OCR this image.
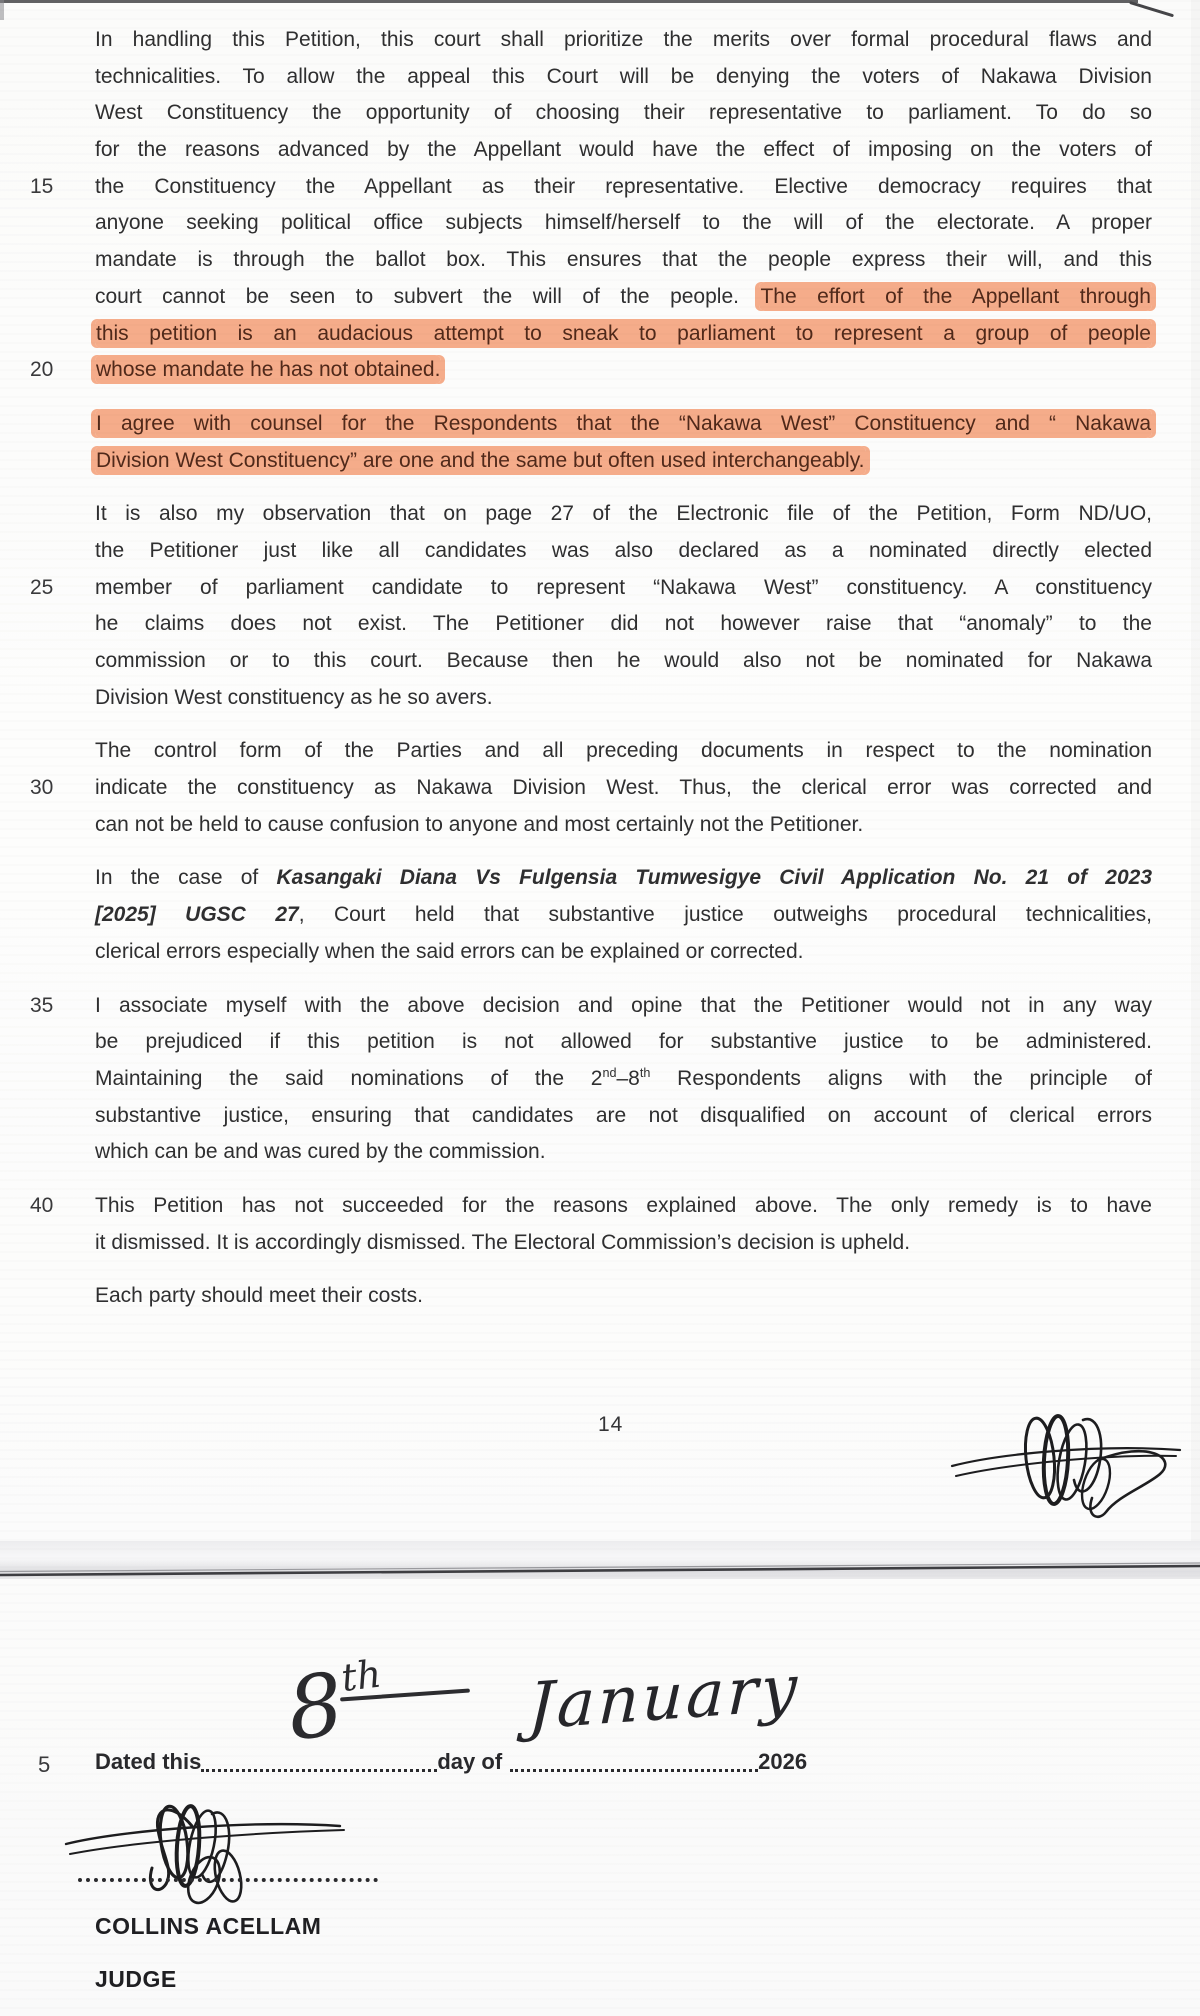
15
20
25
30
35
40
In handling this Petition, this court shall prioritize the merits over formal procedural flaws and
technicalities. To allow the appeal this Court will be denying the voters of Nakawa Division
West Constituency the opportunity of choosing their representative to parliament. To do so
for the reasons advanced by the Appellant would have the effect of imposing on the voters of
the Constituency the Appellant as their representative. Elective democracy requires that
anyone seeking political office subjects himself/herself to the will of the electorate. A proper
mandate is through the ballot box. This ensures that the people express their will, and this
court cannot be seen to subvert the will of the people. The effort of the Appellant through
this petition is an audacious attempt to sneak to parliament to represent a group of people
whose mandate he has not obtained.
I agree with counsel for the Respondents that the “Nakawa West” Constituency and “ Nakawa
Division West Constituency” are one and the same but often used interchangeably.
It is also my observation that on page 27 of the Electronic file of the Petition, Form ND/UO,
the Petitioner just like all candidates was also declared as a nominated directly elected
member of parliament candidate to represent “Nakawa West” constituency. A constituency
he claims does not exist. The Petitioner did not however raise that “anomaly” to the
commission or to this court. Because then he would also not be nominated for Nakawa
Division West constituency as he so avers.
The control form of the Parties and all preceding documents in respect to the nomination
indicate the constituency as Nakawa Division West. Thus, the clerical error was corrected and
can not be held to cause confusion to anyone and most certainly not the Petitioner.
In the case of Kasangaki Diana Vs Fulgensia Tumwesigye Civil Application No. 21 of 2023
[2025] UGSC 27, Court held that substantive justice outweighs procedural technicalities,
clerical errors especially when the said errors can be explained or corrected.
I associate myself with the above decision and opine that the Petitioner would not in any way
be prejudiced if this petition is not allowed for substantive justice to be administered.
Maintaining the said nominations of the 2nd–8th Respondents aligns with the principle of
substantive justice, ensuring that candidates are not disqualified on account of clerical errors
which can be and was cured by the commission.
This Petition has not succeeded for the reasons explained above. The only remedy is to have
it dismissed. It is accordingly dismissed. The Electoral Commission’s decision is upheld.
Each party should meet their costs.
14
5 Dated this	day of	2026
8th January
COLLINS ACELLAM
JUDGE
